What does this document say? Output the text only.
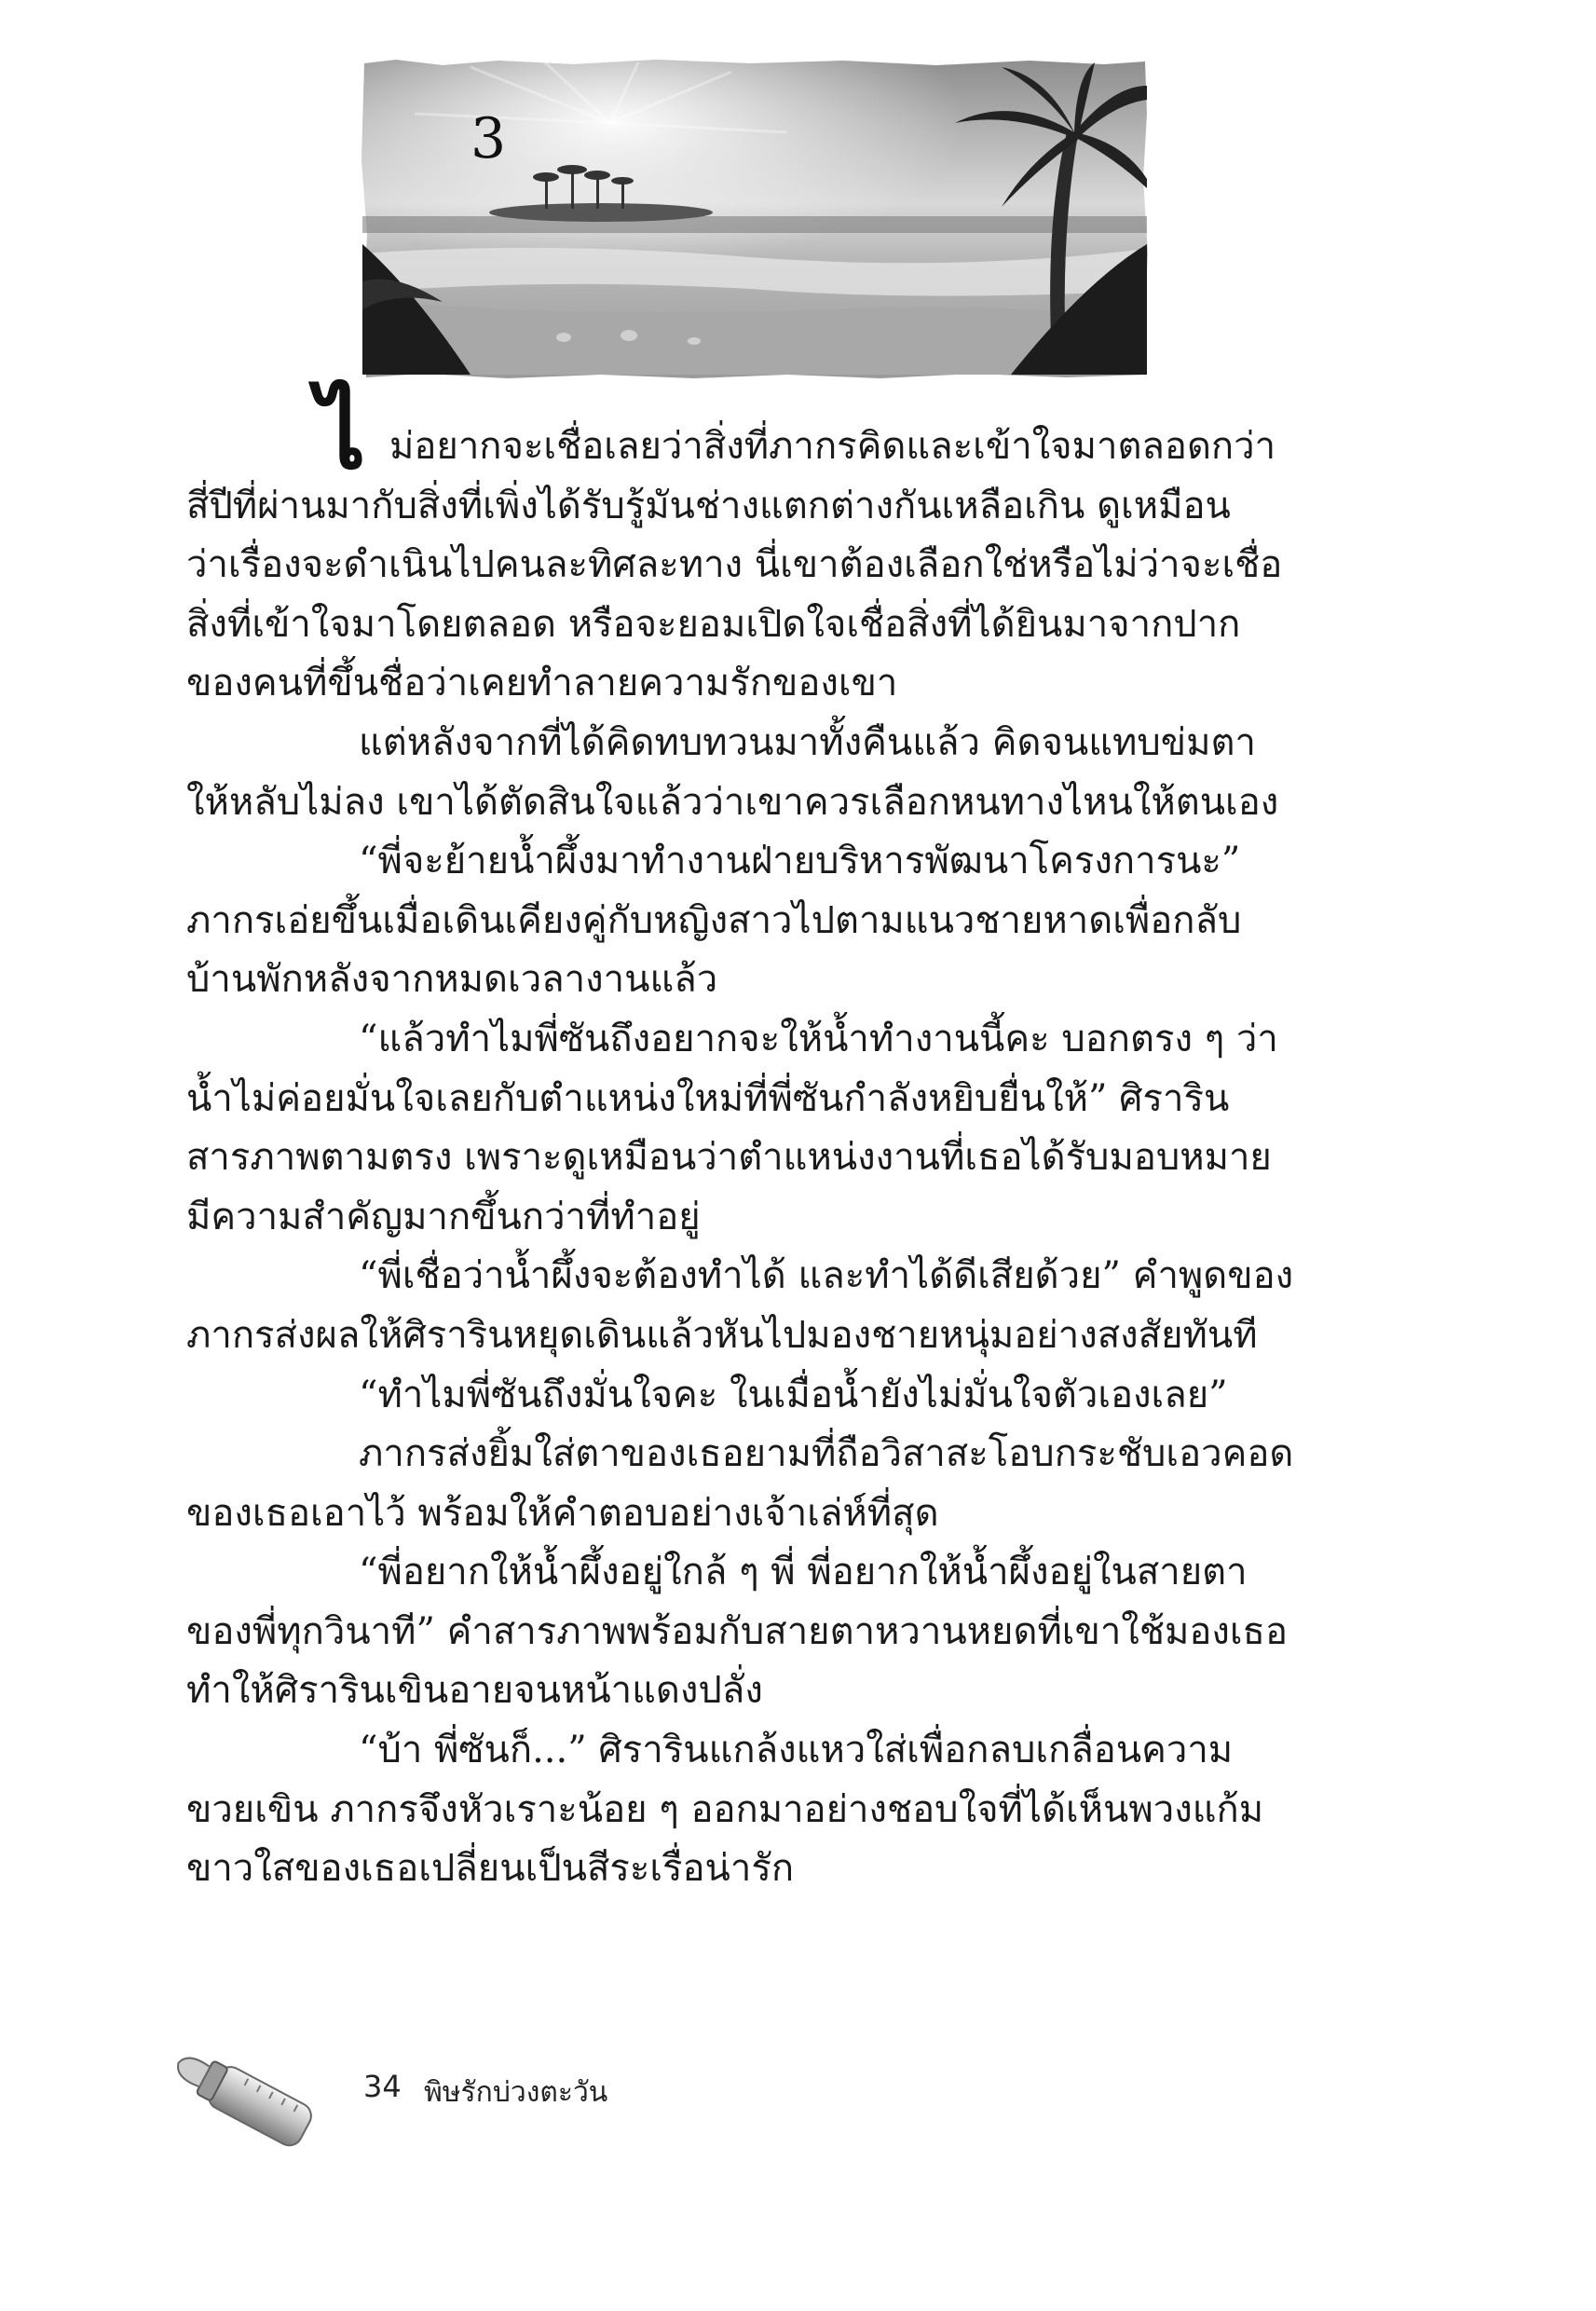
3
ไ ม่อยากจะเชื่อเลยว่าสิ่งที่ภากรคิดและเข้าใจมาตลอดกว่า
สี่ปีที่ผ่านมากับสิ่งที่เพิ่งได้รับรู้มันช่างแตกต่างกันเหลือเกิน ดูเหมือน
ว่าเรื่องจะดำเนินไปคนละทิศละทาง นี่เขาต้องเลือกใช่หรือไม่ว่าจะเชื่อ
สิ่งที่เข้าใจมาโดยตลอด หรือจะยอมเปิดใจเชื่อสิ่งที่ได้ยินมาจากปาก
ของคนที่ขึ้นชื่อว่าเคยทำลายความรักของเขา
แต่หลังจากที่ได้คิดทบทวนมาทั้งคืนแล้ว คิดจนแทบข่มตา
ให้หลับไม่ลง เขาได้ตัดสินใจแล้วว่าเขาควรเลือกหนทางไหนให้ตนเอง
“พี่จะย้ายน้ำผึ้งมาทำงานฝ่ายบริหารพัฒนาโครงการนะ”
ภากรเอ่ยขึ้นเมื่อเดินเคียงคู่กับหญิงสาวไปตามแนวชายหาดเพื่อกลับ
บ้านพักหลังจากหมดเวลางานแล้ว
“แล้วทำไมพี่ซันถึงอยากจะให้น้ำทำงานนี้คะ บอกตรง ๆ ว่า
น้ำไม่ค่อยมั่นใจเลยกับตำแหน่งใหม่ที่พี่ซันกำลังหยิบยื่นให้” ศิราริน
สารภาพตามตรง เพราะดูเหมือนว่าตำแหน่งงานที่เธอได้รับมอบหมาย
มีความสำคัญมากขึ้นกว่าที่ทำอยู่
“พี่เชื่อว่าน้ำผึ้งจะต้องทำได้ และทำได้ดีเสียด้วย” คำพูดของ
ภากรส่งผลให้ศิรารินหยุดเดินแล้วหันไปมองชายหนุ่มอย่างสงสัยทันที
“ทำไมพี่ซันถึงมั่นใจคะ ในเมื่อน้ำยังไม่มั่นใจตัวเองเลย”
ภากรส่งยิ้มใส่ตาของเธอยามที่ถือวิสาสะโอบกระชับเอวคอด
ของเธอเอาไว้ พร้อมให้คำตอบอย่างเจ้าเล่ห์ที่สุด
“พี่อยากให้น้ำผึ้งอยู่ใกล้ ๆ พี่ พี่อยากให้น้ำผึ้งอยู่ในสายตา
ของพี่ทุกวินาที” คำสารภาพพร้อมกับสายตาหวานหยดที่เขาใช้มองเธอ
ทำให้ศิรารินเขินอายจนหน้าแดงปลั่ง
“บ้า พี่ซันก็...” ศิรารินแกล้งแหวใส่เพื่อกลบเกลื่อนความ
ขวยเขิน ภากรจึงหัวเราะน้อย ๆ ออกมาอย่างชอบใจที่ได้เห็นพวงแก้ม
ขาวใสของเธอเปลี่ยนเป็นสีระเรื่อน่ารัก
34 พิษรักบ่วงตะวัน
